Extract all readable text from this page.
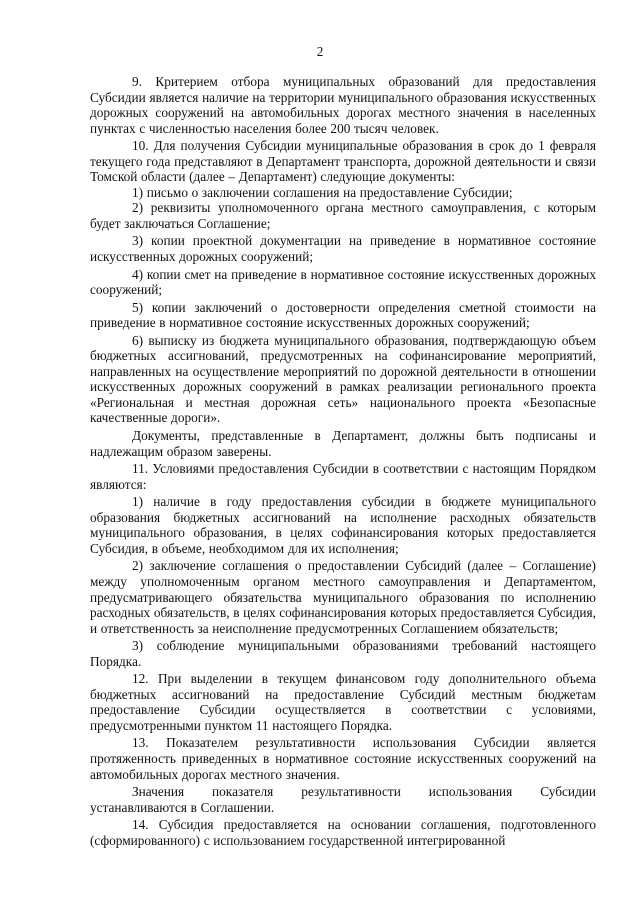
2

9. Критерием отбора муниципальных образований для предоставления Субсидии является наличие на территории муниципального образования искусственных дорожных сооружений на автомобильных дорогах местного значения в населенных пунктах с численностью населения более 200 тысяч человек.

10. Для получения Субсидии муниципальные образования в срок до 1 февраля текущего года представляют в Департамент транспорта, дорожной деятельности и связи Томской области (далее – Департамент) следующие документы:

1) письмо о заключении соглашения на предоставление Субсидии;

2) реквизиты уполномоченного органа местного самоуправления, с которым будет заключаться Соглашение;

3) копии проектной документации на приведение в нормативное состояние искусственных дорожных сооружений;

4) копии смет на приведение в нормативное состояние искусственных дорожных сооружений;

5) копии заключений о достоверности определения сметной стоимости на приведение в нормативное состояние искусственных дорожных сооружений;

6) выписку из бюджета муниципального образования, подтверждающую объем бюджетных ассигнований, предусмотренных на софинансирование мероприятий, направленных на осуществление мероприятий по дорожной деятельности в отношении искусственных дорожных сооружений в рамках реализации регионального проекта «Региональная и местная дорожная сеть» национального проекта «Безопасные качественные дороги».

Документы, представленные в Департамент, должны быть подписаны и надлежащим образом заверены.

11. Условиями предоставления Субсидии в соответствии с настоящим Порядком являются:

1) наличие в году предоставления субсидии в бюджете муниципального образования бюджетных ассигнований на исполнение расходных обязательств муниципального образования, в целях софинансирования которых предоставляется Субсидия, в объеме, необходимом для их исполнения;

2) заключение соглашения о предоставлении Субсидий (далее – Соглашение) между уполномоченным органом местного самоуправления и Департаментом, предусматривающего обязательства муниципального образования по исполнению расходных обязательств, в целях софинансирования которых предоставляется Субсидия, и ответственность за неисполнение предусмотренных Соглашением обязательств;

3) соблюдение муниципальными образованиями требований настоящего Порядка.

12. При выделении в текущем финансовом году дополнительного объема бюджетных ассигнований на предоставление Субсидий местным бюджетам предоставление Субсидии осуществляется в соответствии с условиями, предусмотренными пунктом 11 настоящего Порядка.

13. Показателем результативности использования Субсидии является протяженность приведенных в нормативное состояние искусственных сооружений на автомобильных дорогах местного значения.

Значения показателя результативности использования Субсидии устанавливаются в Соглашении.

14. Субсидия предоставляется на основании соглашения, подготовленного (сформированного) с использованием государственной интегрированной
